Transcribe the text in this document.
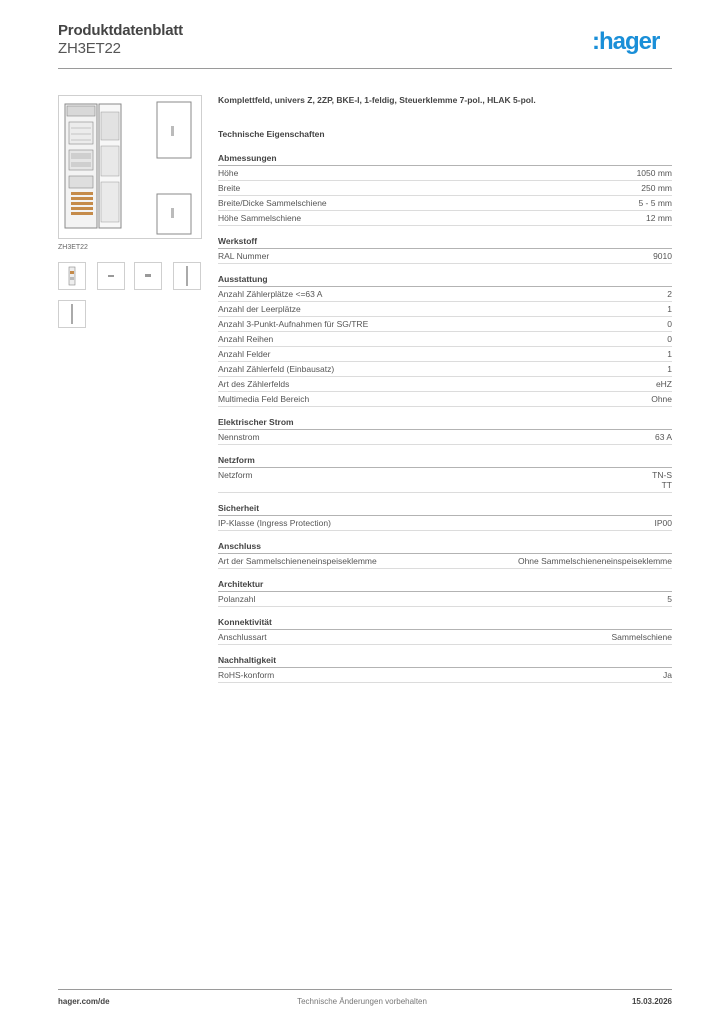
Produktdatenblatt
ZH3ET22	:hager
ZH3ET22
Komplettfeld, univers Z, 2ZP, BKE-I, 1-feldig, Steuerklemme 7-pol., HLAK 5-pol.
Technische Eigenschaften
Abmessungen
Höhe	1050 mm
Breite	250 mm
Breite/Dicke Sammelschiene	5 - 5 mm
Höhe Sammelschiene	12 mm
Werkstoff
RAL Nummer	9010
Ausstattung
Anzahl Zählerplätze <=63 A	2
Anzahl der Leerplätze	1
Anzahl 3-Punkt-Aufnahmen für SG/TRE	0
Anzahl Reihen	0
Anzahl Felder	1
Anzahl Zählerfeld (Einbausatz)	1
Art des Zählerfelds	eHZ
Multimedia Feld Bereich	Ohne
Elektrischer Strom
Nennstrom	63 A
Netzform
Netzform	TN-S
TT
Sicherheit
IP-Klasse (Ingress Protection)	IP00
Anschluss
Art der Sammelschieneneinspeiseklemme	Ohne Sammelschieneneinspeiseklemme
Architektur
Polanzahl	5
Konnektivität
Anschlussart	Sammelschiene
Nachhaltigkeit
RoHS-konform	Ja
hager.com/de	Technische Änderungen vorbehalten	15.03.2026
